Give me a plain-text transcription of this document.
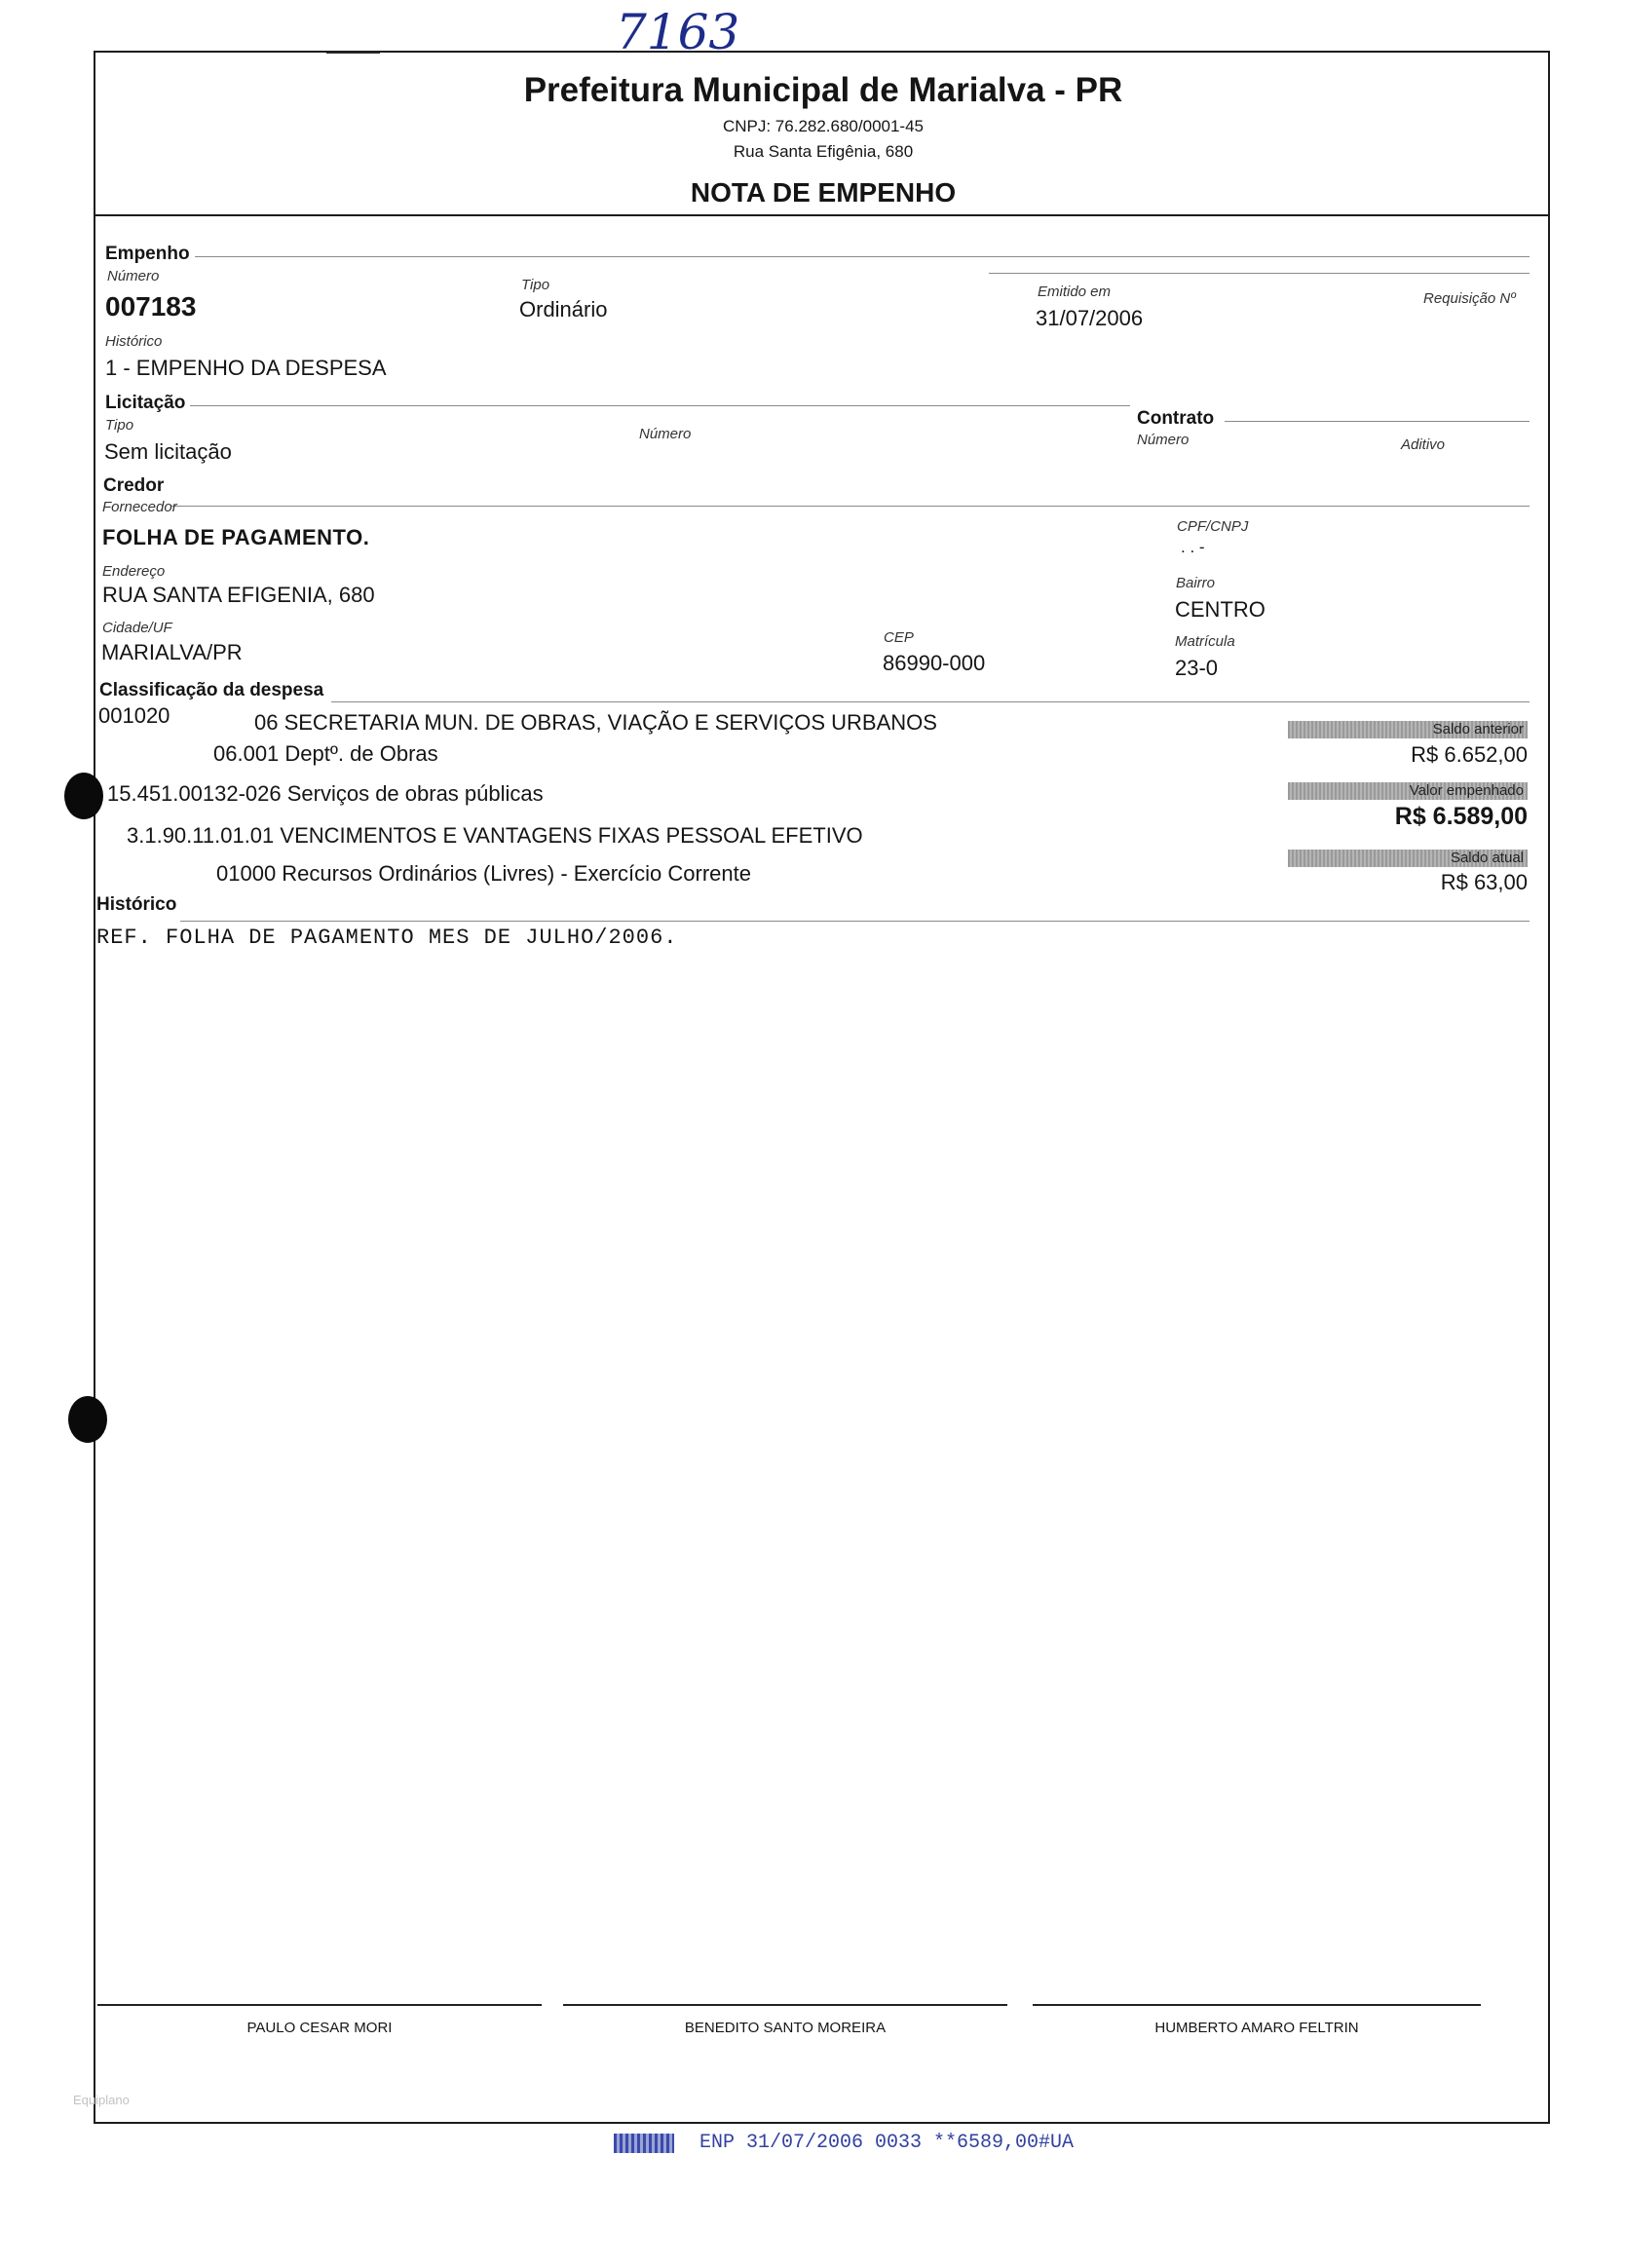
7163
Prefeitura Municipal de Marialva - PR
CNPJ: 76.282.680/0001-45
Rua Santa Efigênia, 680
NOTA DE EMPENHO
Empenho
Número
007183
Tipo
Ordinário
Emitido em
31/07/2006
Requisição Nº
Histórico
1 - EMPENHO DA DESPESA
Licitação
Tipo
Sem licitação
Número
Contrato
Número	Aditivo
Credor
Fornecedor
FOLHA DE PAGAMENTO.	CPF/CNPJ
. . -
Endereço
RUA SANTA EFIGENIA, 680	Bairro
CENTRO
Cidade/UF
MARIALVA/PR
CEP
86990-000
Matrícula
23-0
Classificação da despesa
001020	06 SECRETARIA MUN. DE OBRAS, VIAÇÃO E SERVIÇOS URBANOS
06.001 Deptº. de Obras
15.451.00132-026 Serviços de obras públicas
3.1.90.11.01.01 VENCIMENTOS E VANTAGENS FIXAS PESSOAL EFETIVO
01000 Recursos Ordinários (Livres) - Exercício Corrente
Saldo anterior
R$ 6.652,00
Valor empenhado
R$ 6.589,00
Saldo atual
R$ 63,00
Histórico
REF. FOLHA DE PAGAMENTO MES DE JULHO/2006.
PAULO CESAR MORI	BENEDITO SANTO MOREIRA	HUMBERTO AMARO FELTRIN
Equiplano
ENP 31/07/2006 0033 **6589,00#UA
